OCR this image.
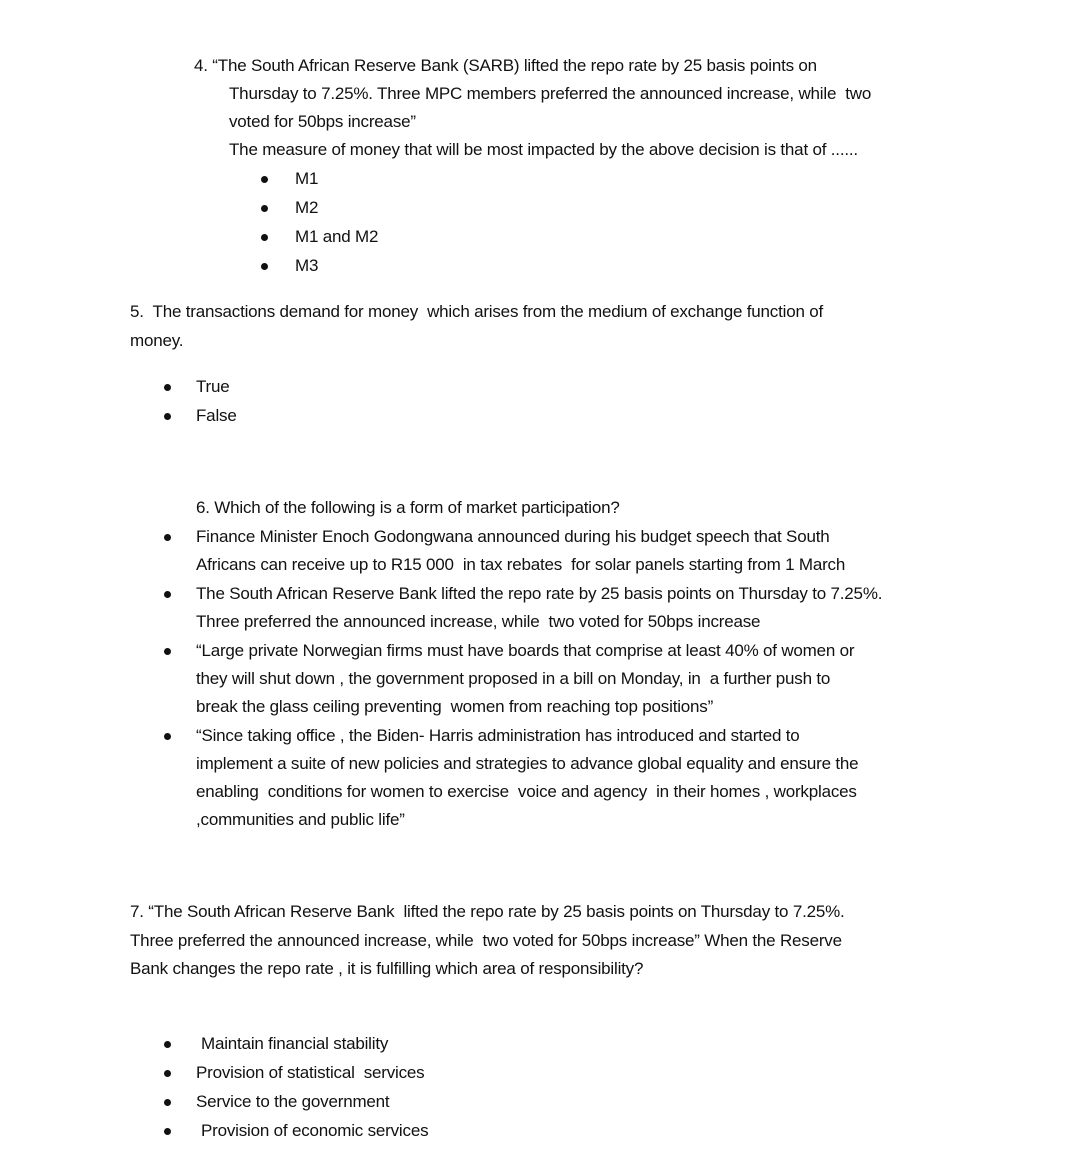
4. “The South African Reserve Bank (SARB) lifted the repo rate by 25 basis points on
Thursday to 7.25%. Three MPC members preferred the announced increase, while  two
voted for 50bps increase”
The measure of money that will be most impacted by the above decision is that of ......
M1
M2
M1 and M2
M3
5.  The transactions demand for money  which arises from the medium of exchange function of
money.
True
False
6. Which of the following is a form of market participation?
Finance Minister Enoch Godongwana announced during his budget speech that South
Africans can receive up to R15 000  in tax rebates  for solar panels starting from 1 March
The South African Reserve Bank lifted the repo rate by 25 basis points on Thursday to 7.25%.
Three preferred the announced increase, while  two voted for 50bps increase
“Large private Norwegian firms must have boards that comprise at least 40% of women or
they will shut down , the government proposed in a bill on Monday, in  a further push to
break the glass ceiling preventing  women from reaching top positions”
“Since taking office , the Biden- Harris administration has introduced and started to
implement a suite of new policies and strategies to advance global equality and ensure the
enabling  conditions for women to exercise  voice and agency  in their homes , workplaces
,communities and public life”
7. “The South African Reserve Bank  lifted the repo rate by 25 basis points on Thursday to 7.25%.
Three preferred the announced increase, while  two voted for 50bps increase” When the Reserve
Bank changes the repo rate , it is fulfilling which area of responsibility?
Maintain financial stability
Provision of statistical  services
Service to the government
Provision of economic services
